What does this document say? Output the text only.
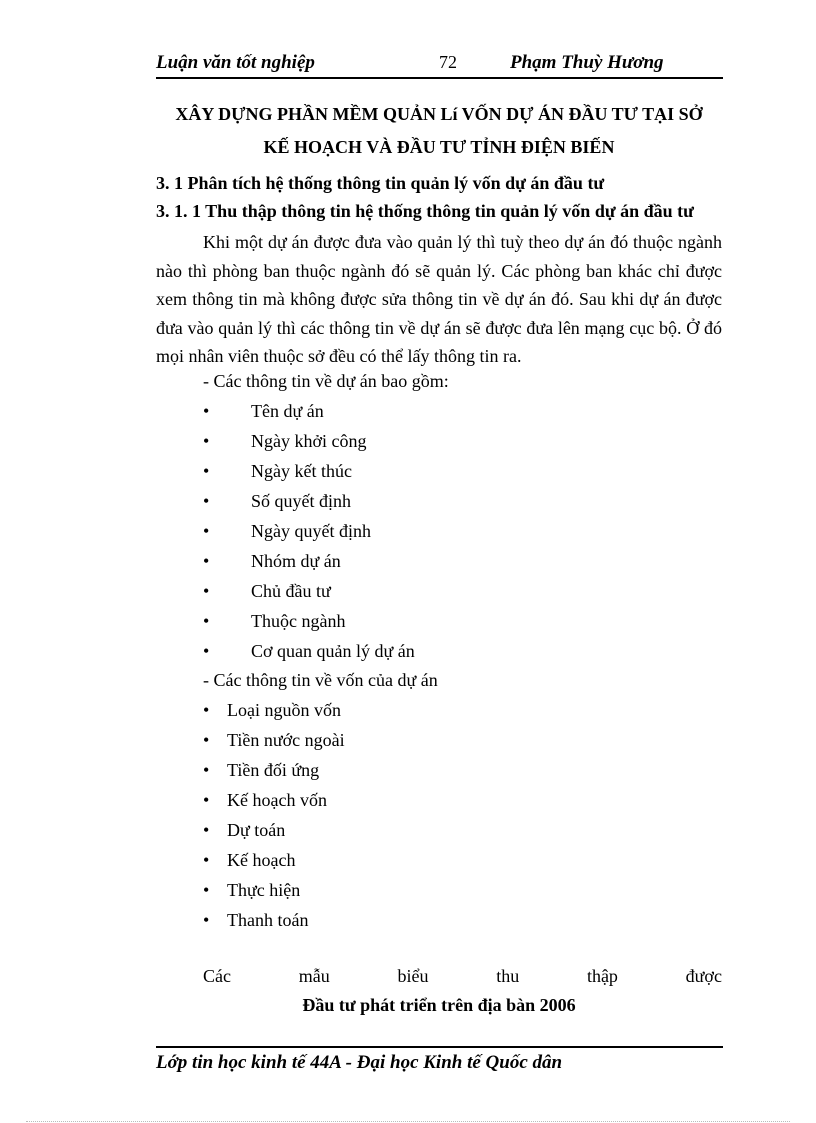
Luận văn tốt nghiệp	72	Phạm Thuỳ Hương
XÂY DỰNG PHẦN MỀM QUẢN Lí VỐN DỰ ÁN ĐẦU TƯ TẠI SỞ
KẾ HOẠCH VÀ ĐẦU TƯ TỈNH ĐIỆN BIẾN
3. 1 Phân tích hệ thống thông tin quản lý vốn dự án đầu tư
3. 1. 1 Thu thập thông tin hệ thống thông tin quản lý vốn dự án đầu tư

Khi một dự án được đưa vào quản lý thì tuỳ theo dự án đó thuộc ngành nào thì phòng ban thuộc ngành đó sẽ quản lý. Các phòng ban khác chỉ được xem thông tin mà không được sửa thông tin về dự án đó. Sau khi dự án được đưa vào quản lý thì các thông tin về dự án sẽ được đưa lên mạng cục bộ. Ở đó mọi nhân viên thuộc sở đều có thể lấy thông tin ra.

- Các thông tin về dự án bao gồm:
• Tên dự án
• Ngày khởi công
• Ngày kết thúc
• Số quyết định
• Ngày quyết định
• Nhóm dự án
• Chủ đầu tư
• Thuộc ngành
• Cơ quan quản lý dự án
- Các thông tin về vốn của dự án
• Loại nguồn vốn
• Tiền nước ngoài
• Tiền đối ứng
• Kế hoạch vốn
• Dự toán
• Kế hoạch
• Thực hiện
• Thanh toán
Các	mẫu	biểu	thu	thập	được
Đầu tư phát triển trên địa bàn 2006
Lớp tin học kinh tế 44A - Đại học Kinh tế Quốc dân
